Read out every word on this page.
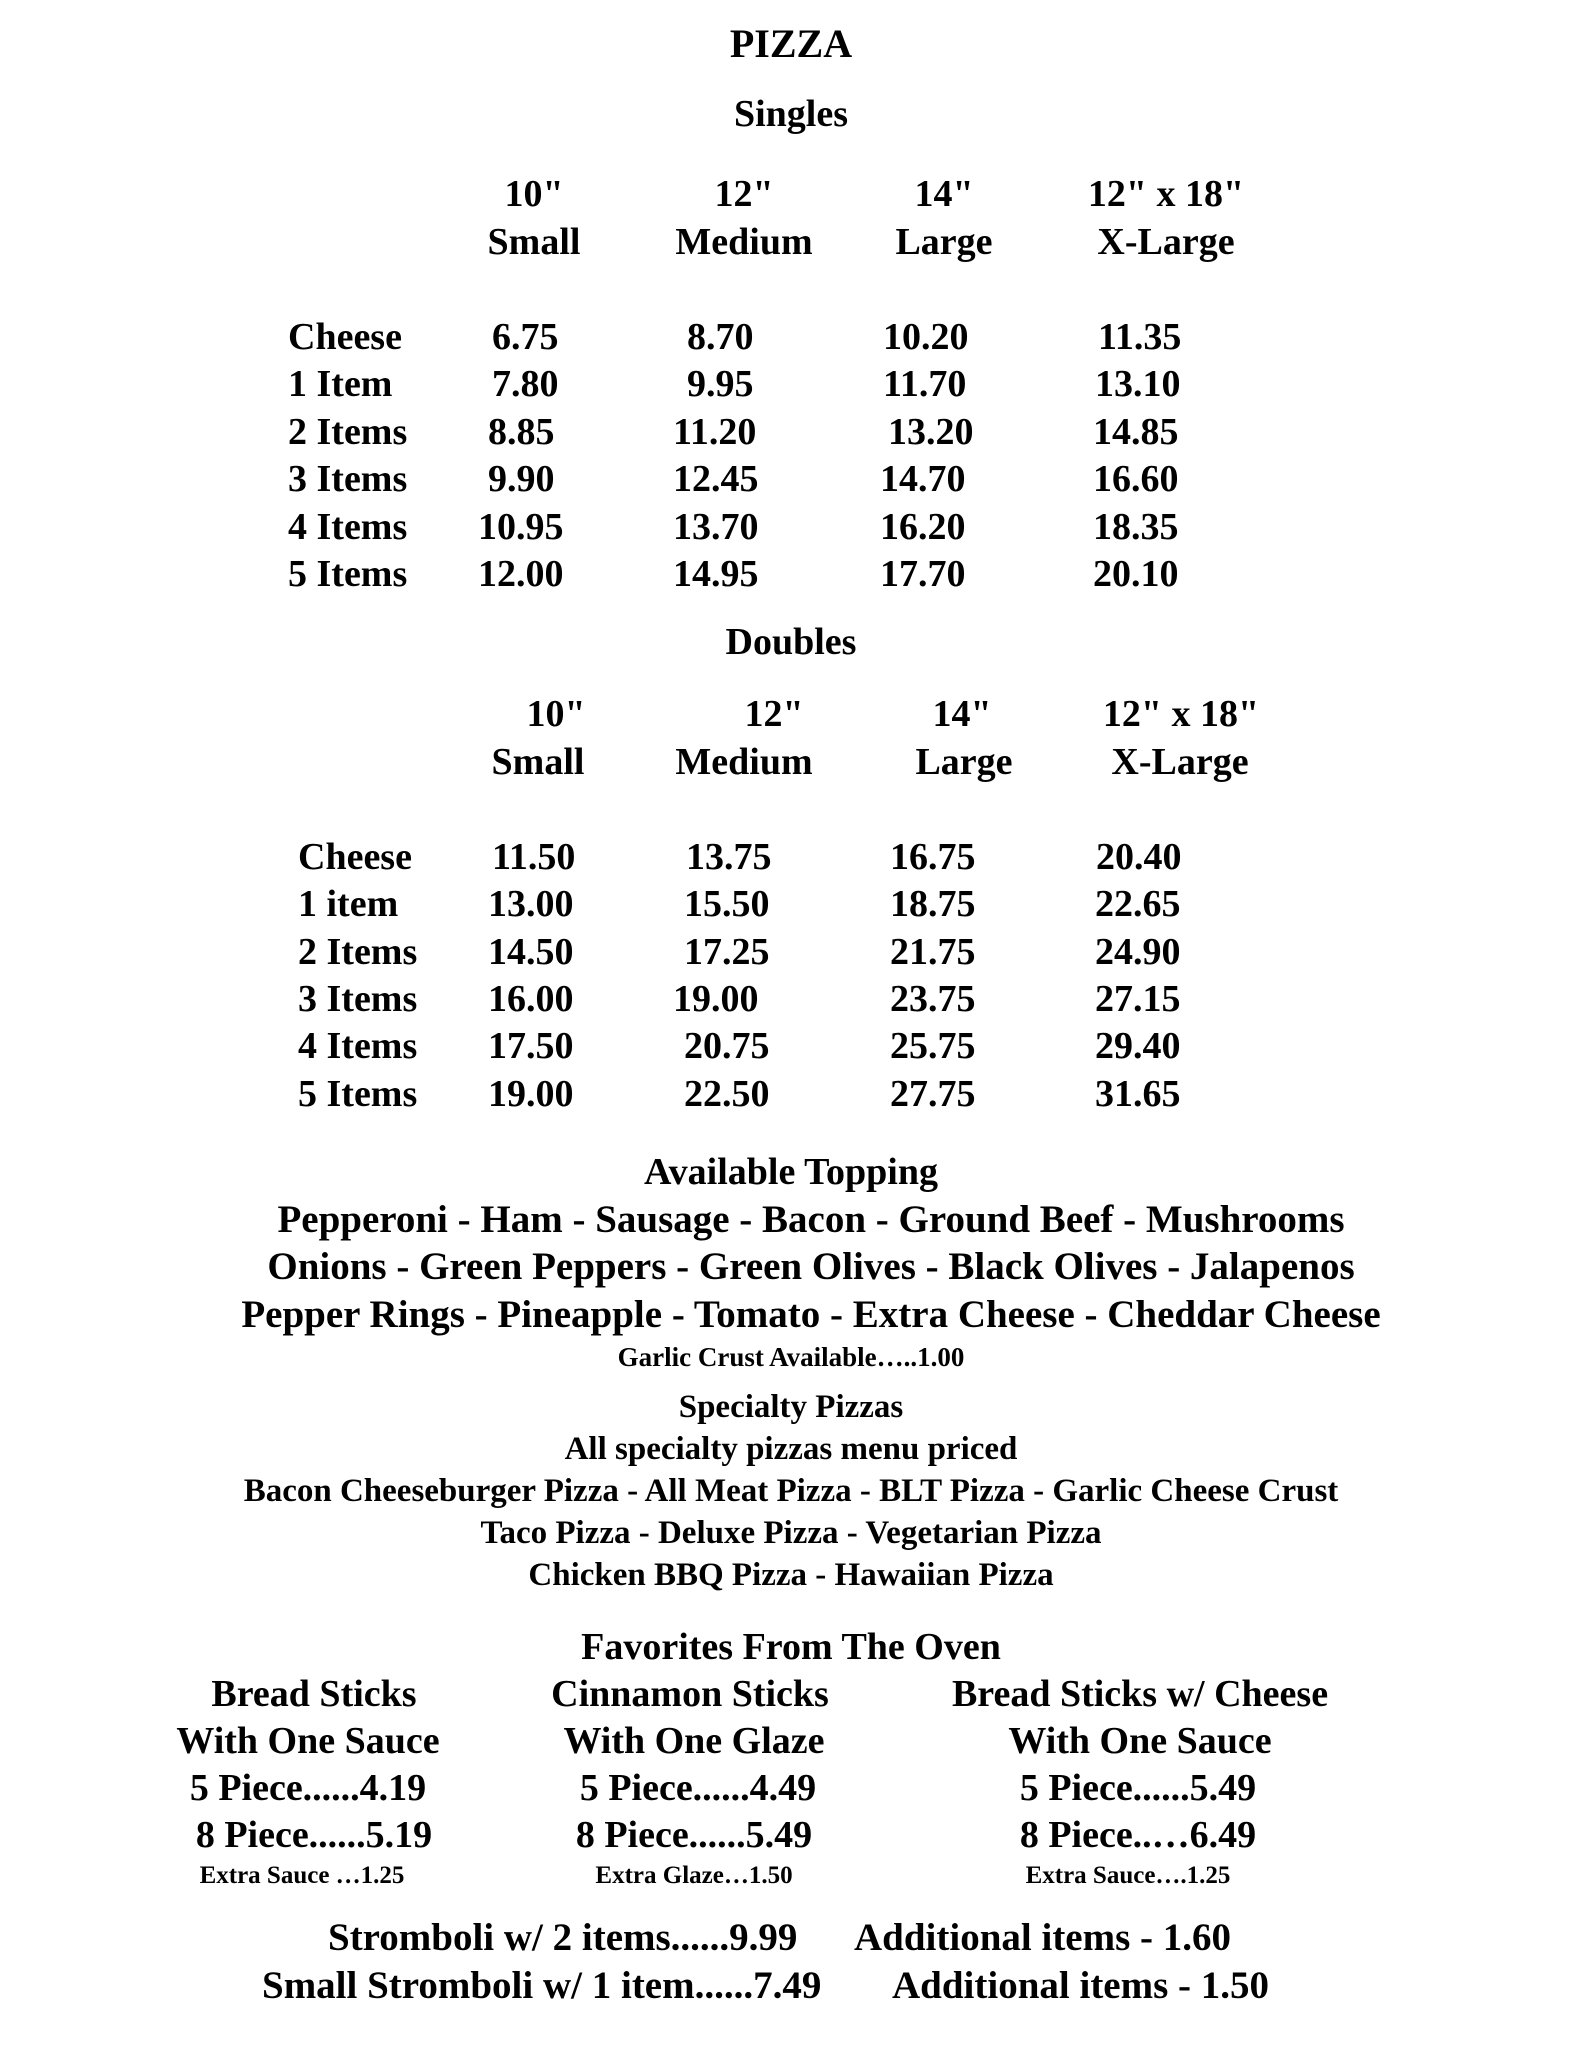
PIZZA
Singles
10"	12"	14"	12" x 18"
Small	Medium	Large	X-Large
Cheese 6.75	8.70	10.20	11.35
1 Item	7.80	9.95	11.70	13.10
2 Items 8.85	11.20	13.20	14.85
3 Items 9.90	12.45	14.70	16.60
4 Items 10.95	13.70	16.20	18.35
5 Items 12.00	14.95	17.70	20.10
Doubles
10"	12"	14"	12" x 18"
Small	Medium	Large	X-Large
Cheese 11.50	13.75	16.75	20.40
1 item 13.00	15.50	18.75	22.65
2 Items 14.50	17.25	21.75	24.90
3 Items 16.00	19.00	23.75	27.15
4 Items 17.50	20.75	25.75	29.40
5 Items 19.00	22.50	27.75	31.65
Available Topping
Pepperoni - Ham - Sausage - Bacon - Ground Beef - Mushrooms
Onions - Green Peppers - Green Olives - Black Olives - Jalapenos
Pepper Rings - Pineapple - Tomato - Extra Cheese - Cheddar Cheese
Garlic Crust Available…..1.00
Specialty Pizzas
All specialty pizzas menu priced
Bacon Cheeseburger Pizza - All Meat Pizza - BLT Pizza - Garlic Cheese Crust
Taco Pizza - Deluxe Pizza - Vegetarian Pizza
Chicken BBQ Pizza - Hawaiian Pizza
Favorites From The Oven
Bread Sticks
With One Sauce
5 Piece......4.19
8 Piece......5.19
Extra Sauce …1.25
Cinnamon Sticks
With One Glaze
5 Piece......4.49
8 Piece......5.49
Extra Glaze…1.50
Bread Sticks w/ Cheese
With One Sauce
5 Piece......5.49
8 Piece..…6.49
Extra Sauce….1.25
Stromboli w/ 2 items......9.99 Additional items - 1.60
Small Stromboli w/ 1 item......7.49 Additional items - 1.50
